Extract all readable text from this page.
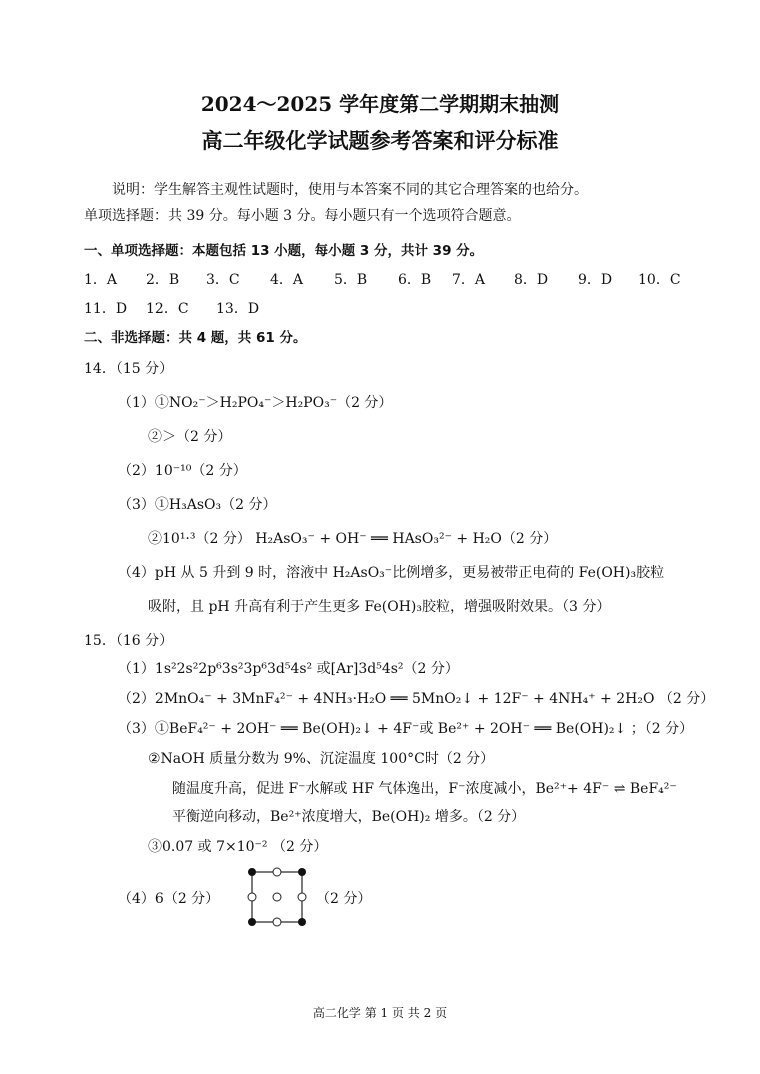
2024～2025 学年度第二学期期末抽测
高二年级化学试题参考答案和评分标准
说明：学生解答主观性试题时，使用与本答案不同的其它合理答案的也给分。
单项选择题：共 39 分。每小题 3 分。每小题只有一个选项符合题意。
一、单项选择题：本题包括 13 小题，每小题 3 分，共计 39 分。
1．A 2．B 3．C 4．A 5．B 6．B 7．A 8．D 9．D 10．C
11．D 12．C 13．D
二、非选择题：共 4 题，共 61 分。
14．（15 分）
（1）①NO₂⁻＞H₂PO₄⁻＞H₂PO₃⁻（2 分）
②＞（2 分）
（2）10⁻¹⁰（2 分）
（3）①H₃AsO₃（2 分）
②10¹·³（2 分） H₂AsO₃⁻ + OH⁻ ══ HAsO₃²⁻ + H₂O（2 分）
（4）pH 从 5 升到 9 时，溶液中 H₂AsO₃⁻比例增多，更易被带正电荷的 Fe(OH)₃胶粒
吸附，且 pH 升高有利于产生更多 Fe(OH)₃胶粒，增强吸附效果。（3 分）
15．（16 分）
（1）1s²2s²2p⁶3s²3p⁶3d⁵4s² 或[Ar]3d⁵4s²（2 分）
（2）2MnO₄⁻ + 3MnF₄²⁻ + 4NH₃·H₂O ══ 5MnO₂↓ + 12F⁻ + 4NH₄⁺ + 2H₂O （2 分）
（3）①BeF₄²⁻ + 2OH⁻ ══ Be(OH)₂↓ + 4F⁻或 Be²⁺ + 2OH⁻ ══ Be(OH)₂↓ ；（2 分）
②NaOH 质量分数为 9%、沉淀温度 100°C时（2 分）
随温度升高，促进 F⁻水解或 HF 气体逸出，F⁻浓度减小，Be²⁺+ 4F⁻ ⇌ BeF₄²⁻
平衡逆向移动，Be²⁺浓度增大，Be(OH)₂ 增多。（2 分）
③0.07 或 7×10⁻² （2 分）
（4）6（2 分）	（2 分）
高二化学 第 1 页 共 2 页
